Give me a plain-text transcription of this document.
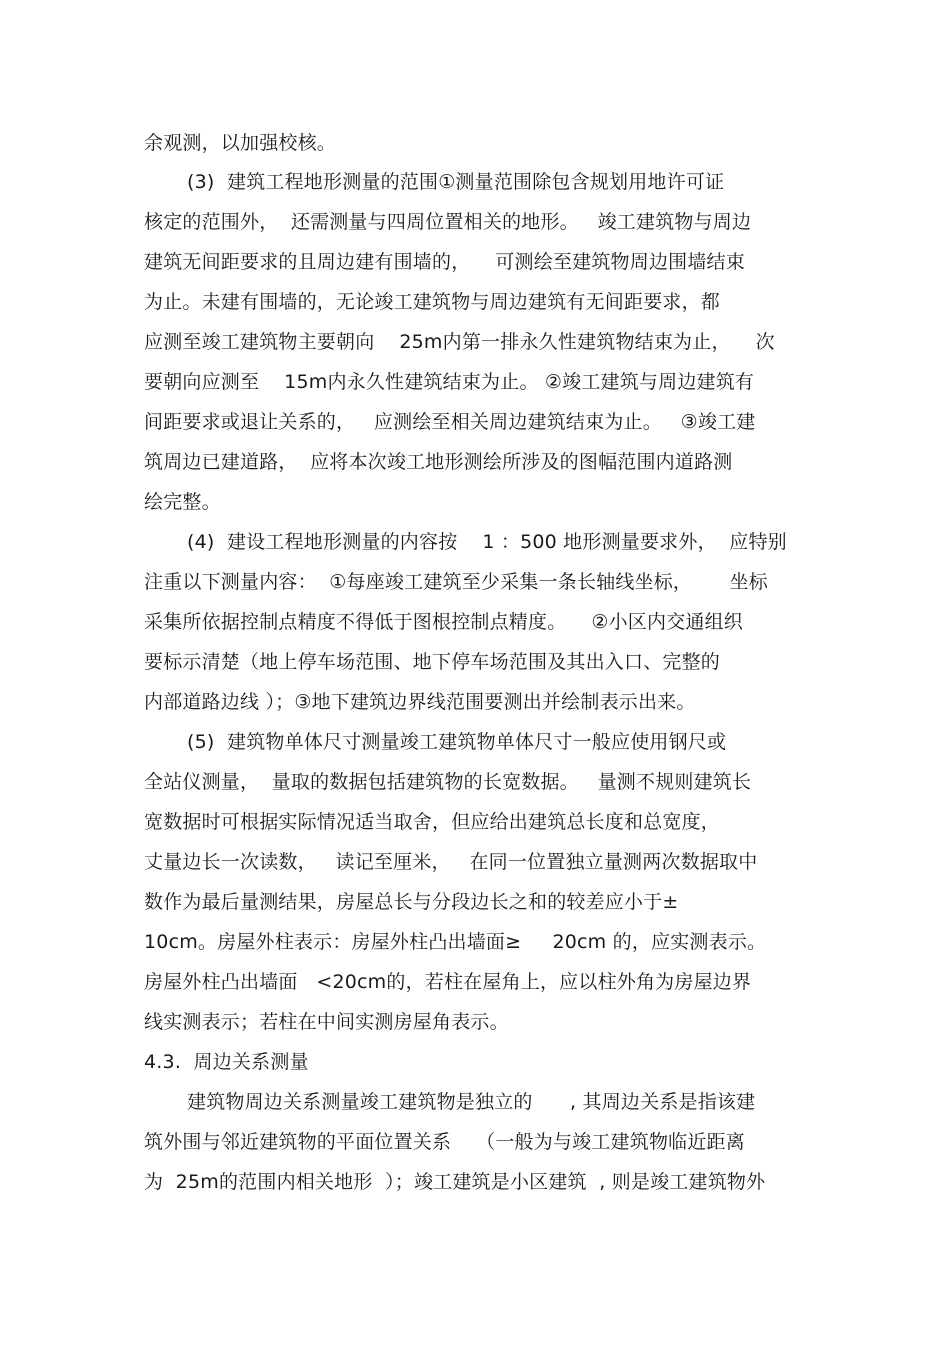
余观测，以加强校核。
(3)  建筑工程地形测量的范围①测量范围除包含规划用地许可证
核定的范围外，  还需测量与四周位置相关的地形。   竣工建筑物与周边
建筑无间距要求的且周边建有围墙的，    可测绘至建筑物周边围墙结束
为止。未建有围墙的，无论竣工建筑物与周边建筑有无间距要求，都
应测至竣工建筑物主要朝向    25m内第一排永久性建筑物结束为止，    次
要朝向应测至    15m内永久性建筑结束为止。 ②竣工建筑与周边建筑有
间距要求或退让关系的，   应测绘至相关周边建筑结束为止。   ③竣工建
筑周边已建道路，  应将本次竣工地形测绘所涉及的图幅范围内道路测
绘完整。
(4)  建设工程地形测量的内容按    1 ：500 地形测量要求外，  应特别
注重以下测量内容：  ①每座竣工建筑至少采集一条长轴线坐标，      坐标
采集所依据控制点精度不得低于图根控制点精度。    ②小区内交通组织
要标示清楚（地上停车场范围、地下停车场范围及其出入口、完整的
内部道路边线 ）；③地下建筑边界线范围要测出并绘制表示出来。
(5)  建筑物单体尺寸测量竣工建筑物单体尺寸一般应使用钢尺或
全站仪测量，  量取的数据包括建筑物的长宽数据。   量测不规则建筑长
宽数据时可根据实际情况适当取舍，但应给出建筑总长度和总宽度，
丈量边长一次读数，   读记至厘米，   在同一位置独立量测两次数据取中
数作为最后量测结果，房屋总长与分段边长之和的较差应小于±
10cm。房屋外柱表示：房屋外柱凸出墙面≥     20cm 的，应实测表示。
房屋外柱凸出墙面   <20cm的，若柱在屋角上，应以柱外角为房屋边界
线实测表示；若柱在中间实测房屋角表示。
4.3.  周边关系测量
建筑物周边关系测量竣工建筑物是独立的      , 其周边关系是指该建
筑外围与邻近建筑物的平面位置关系    （一般为与竣工建筑物临近距离
为  25m的范围内相关地形  ）；竣工建筑是小区建筑  , 则是竣工建筑物外
